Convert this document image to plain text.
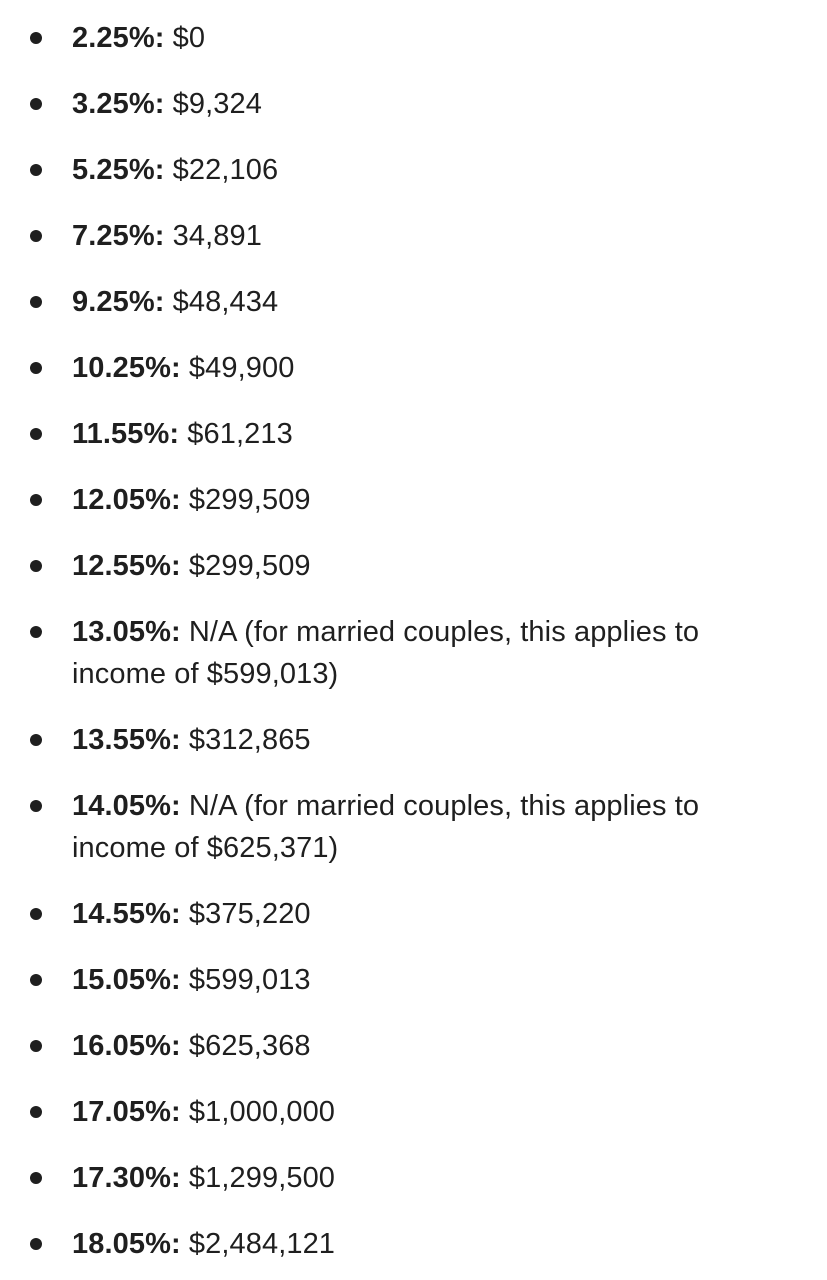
2.25%: $0
3.25%: $9,324
5.25%: $22,106
7.25%: 34,891
9.25%: $48,434
10.25%: $49,900
11.55%: $61,213
12.05%: $299,509
12.55%: $299,509
13.05%: N/A (for married couples, this applies to income of $599,013)
13.55%: $312,865
14.05%: N/A (for married couples, this applies to income of $625,371)
14.55%: $375,220
15.05%: $599,013
16.05%: $625,368
17.05%: $1,000,000
17.30%: $1,299,500
18.05%: $2,484,121
